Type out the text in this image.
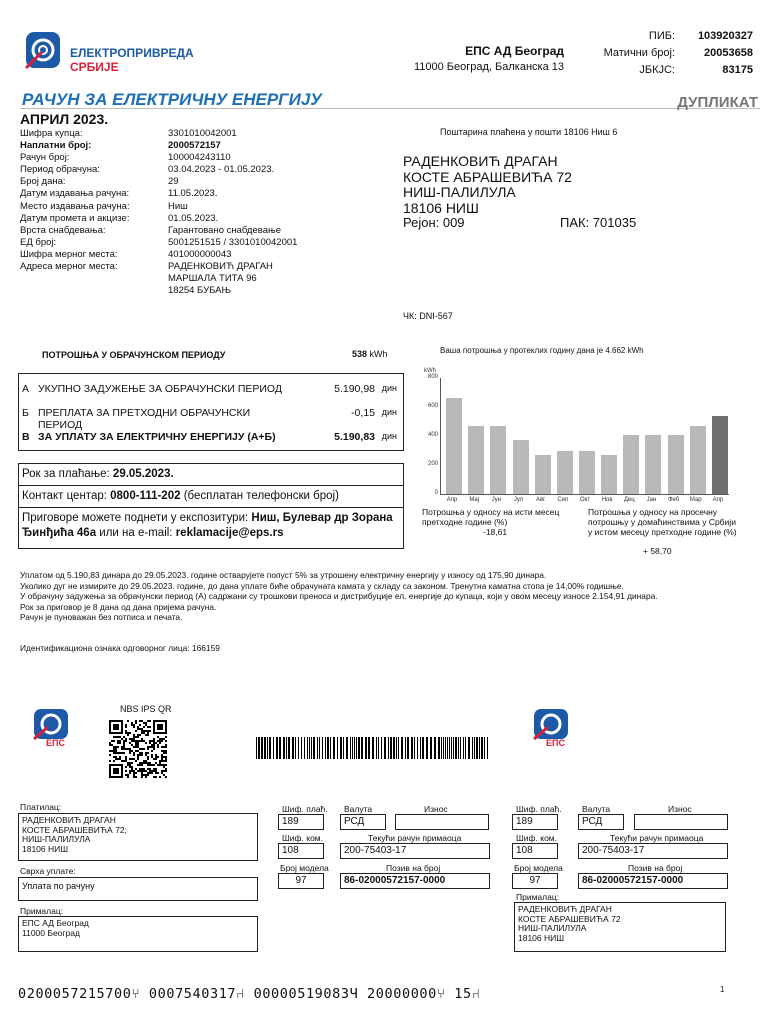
ЕЛЕКТРОПРИВРЕДА
СРБИЈЕ
ЕПС АД Београд
11000 Београд, Балканска 13
ПИБ:	103920327
Матични број:	20053658
ЈБКЈС:	83175
РАЧУН ЗА ЕЛЕКТРИЧНУ ЕНЕРГИЈУ	ДУПЛИКАТ
АПРИЛ 2023.
Шифра купца:	3301010042001
Наплатни број:	2000572157
Рачун број:	100004243110
Период обрачуна:	03.04.2023 - 01.05.2023.
Број дана:	29
Датум издавања рачуна:	11.05.2023.
Место издавања рачуна:	Ниш
Датум промета и акцизе:	01.05.2023.
Врста снабдевања:	Гарантовано снабдевање
ЕД број:	5001251515 / 3301010042001
Шифра мерног места:	401000000043
Адреса мерног места:	РАДЕНКОВИЋ ДРАГАН
МАРШАЛА ТИТА 96
18254 БУБАЊ
Поштарина плаћена у пошти 18106 Ниш 6
РАДЕНКОВИЋ ДРАГАН
КОСТЕ АБРАШЕВИЋА 72
НИШ-ПАЛИЛУЛА
18106 НИШ
Рејон: 009	ПАК: 701035
ЧК: DNI-567
ПОТРОШЊА У ОБРАЧУНСКОМ ПЕРИОДУ	538 kWh
А УКУПНО ЗАДУЖЕЊЕ ЗА ОБРАЧУНСКИ ПЕРИОД	5.190,98 дин
Б ПРЕПЛАТА ЗА ПРЕТХОДНИ ОБРАЧУНСКИ ПЕРИОД
-0,15 дин
В ЗА УПЛАТУ ЗА ЕЛЕКТРИЧНУ ЕНЕРГИЈУ (А+Б)	5.190,83 дин
Рок за плаћање: 29.05.2023.
Контакт центар: 0800-111-202 (бесплатан телефонски број)
Приговоре можете поднети у експозитури: Ниш, Булевар др Зорана
Ђинђића 46а или на e-mail: reklamacije@eps.rs
Ваша потрошња у протеклих годину дана је 4.662 kWh
kWh
0
200
400
600
800
Апр	Мај	Јун	Јул	Авг	Сеп	Окт	Нов	Дец	Јан	Феб	Мар	Апр
Потрошња у односу на исти месец претходне године (%)
-18,61
Потрошња у односу на просечну потрошњу у домаћинствима у Србији у истом месецу претходне године (%)
+ 58,70
Уплатом од 5.190,83 динара до 29.05.2023. године остварујете попуст 5% за утрошену електричну енергију у износу од 175,90 динара.
Уколико дуг не измирите до 29.05.2023. године, до дана уплате биће обрачуната камата у складу са законом. Тренутна каматна стопа је 14,00% годишње.
У обрачуну задужења за обрачунски период (А) садржани су трошкови преноса и дистрибуције ел. енергије до купаца, који у овом месецу износе 2.154,91 динара.
Рок за приговор је 8 дана од дана пријема рачуна.
Рачун је пуноважан без потписа и печата.
Идентификациона ознака одговорног лица: 166159
ЕПС	ЕПС
NBS IPS QR
Платилац:
РАДЕНКОВИЋ ДРАГАН
КОСТЕ АБРАШЕВИЋА 72;
НИШ-ПАЛИЛУЛА
18106 НИШ
Сврха уплате:
Уплата по рачуну
Прималац:
ЕПС АД Београд
11000 Београд
Шиф. плаћ.
189
Валута
РСД
Износ
Шиф. ком.
108
Текући рачун примаоца
200-75403-17
Број модела
97
Позив на број
86-02000572157-0000
Шиф. плаћ.
189
Валута
РСД
Износ
Шиф. ком.
108
Текући рачун примаоца
200-75403-17
Број модела
97
Позив на број
86-02000572157-0000
Прималац:
РАДЕНКОВИЋ ДРАГАН
КОСТЕ АБРАШЕВИЋА 72
НИШ-ПАЛИЛУЛА
18106 НИШ
0200057215700⑂ 0007540317⑁ 00000519083Ч 20000000⑂ 15⑁	1
